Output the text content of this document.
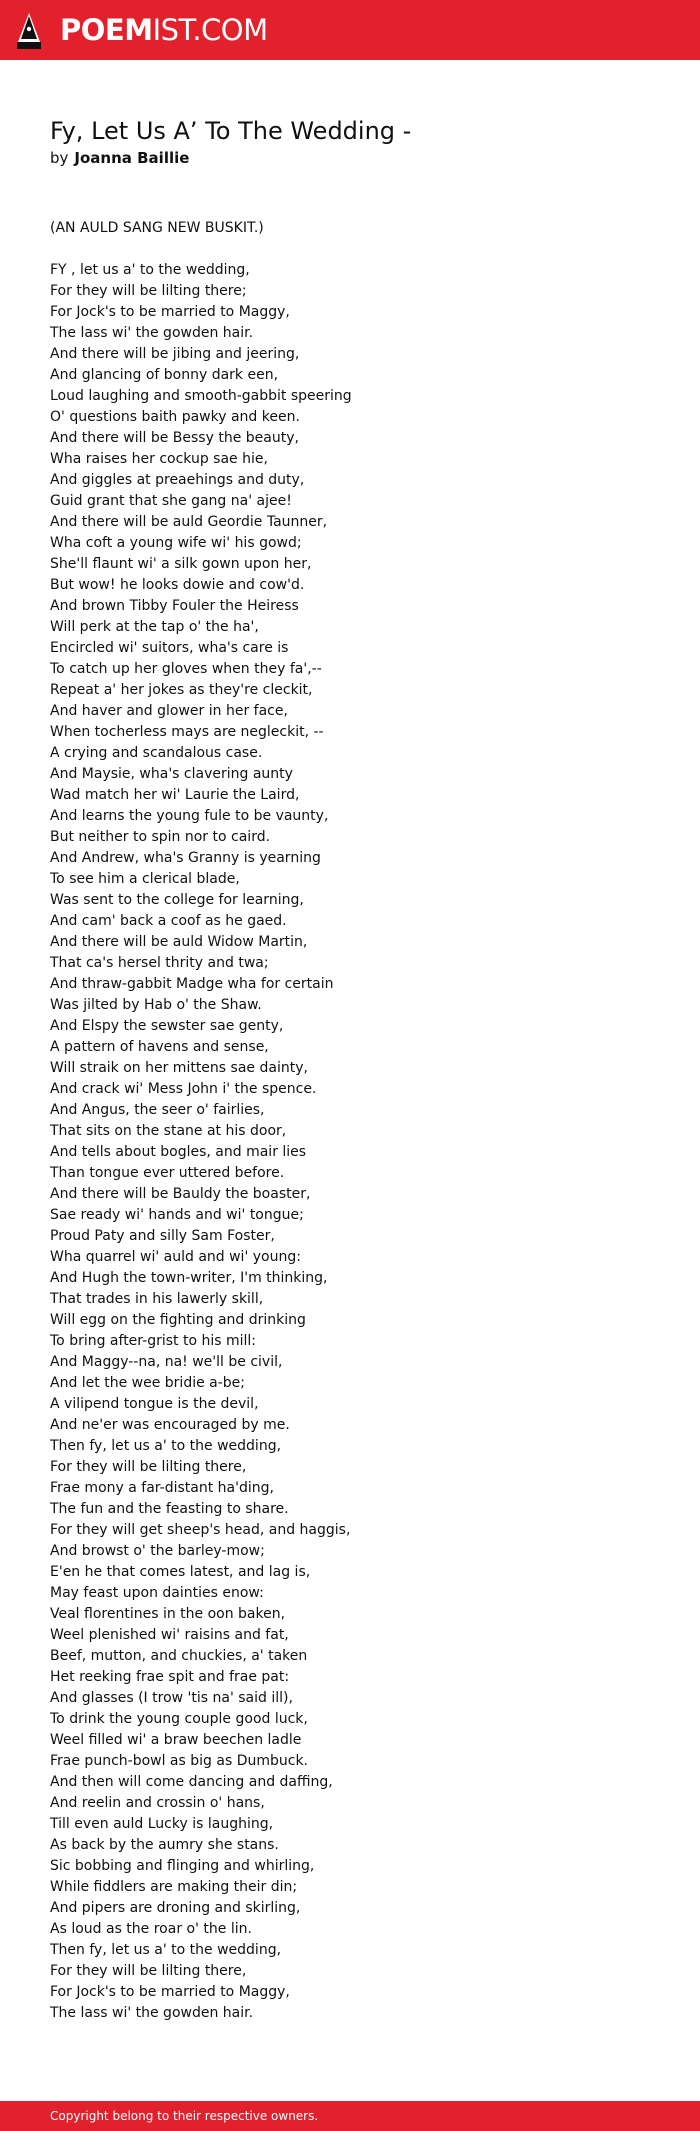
POEMIST.COM
Fy, Let Us A’ To The Wedding -
by Joanna Baillie
(AN AULD SANG NEW BUSKIT.)
FY , let us a' to the wedding,
For they will be lilting there;
For Jock's to be married to Maggy,
The lass wi' the gowden hair.
And there will be jibing and jeering,
And glancing of bonny dark een,
Loud laughing and smooth-gabbit speering
O' questions baith pawky and keen.
And there will be Bessy the beauty,
Wha raises her cockup sae hie,
And giggles at preaehings and duty,
Guid grant that she gang na' ajee!
And there will be auld Geordie Taunner,
Wha coft a young wife wi' his gowd;
She'll flaunt wi' a silk gown upon her,
But wow! he looks dowie and cow'd.
And brown Tibby Fouler the Heiress
Will perk at the tap o' the ha',
Encircled wi' suitors, wha's care is
To catch up her gloves when they fa',--
Repeat a' her jokes as they're cleckit,
And haver and glower in her face,
When tocherless mays are neglecki​t, --
A crying and scandalous case.
And Maysie, wha's clavering aunty
Wad match her wi' Laurie the Laird,
And learns the young fule to be vaunty,
But neither to spin nor to caird.
And Andrew, wha's Granny is yearning
To see him a clerical blade,
Was sent to the college for learning,
And cam' back a coof as he gaed.
And there will be auld Widow Martin,
That ca's hersel thrity and twa;
And thraw-gabbit Madge wha for certain
Was jilted by Hab o' the Shaw.
And Elspy the sewster sae genty,
A pattern of havens and sense,
Will straik on her mittens sae dainty,
And crack wi' Mess John i' the spence.
And Angus, the seer o' fairlies,
That sits on the stane at his door,
And tells about bogles, and mair lies
Than tongue ever uttered before.
And there will be Bauldy the boaster,
Sae ready wi' hands and wi' tongue;
Proud Paty and silly Sam Foster,
Wha quarrel wi' auld and wi' young:
And Hugh the town-writer, I'm thinking,
That trades in his lawerly skill,
Will egg on the fighting and drinking
To bring after-grist to his mill:
And Maggy--na, na! we'll be civil,
And let the wee bridie a-be;
A vilipend tongue is the devil,
And ne'er was encouraged by me.
Then fy, let us a' to the wedding,
For they will be lilting there,
Frae mony a far-distant ha'ding,
The fun and the feasting to share.
For they will get sheep's head, and haggis,
And browst o' the barley-mow;
E'en he that comes latest, and lag is,
May feast upon dainties enow:
Veal florentines in the oon baken,
Weel plenished wi' raisins and fat,
Beef, mutton, and chuckies, a' taken
Het reeking frae spit and frae pat:
And glasses (I trow 'tis na' said ill),
To drink the young couple good luck,
Weel filled wi' a braw beechen ladle
Frae punch-bowl as big as Dumbuck.
And then will come dancing and daffing,
And reelin and crossin o' hans,
Till even auld Lucky is laughing,
As back by the aumry she stans.
Sic bobbing and flinging and whirling,
While fiddlers are making their din;
And pipers are droning and skirling,
As loud as the roar o' the lin.
Then fy, let us a' to the wedding,
For they will be lilting there,
For Jock's to be married to Maggy,
The lass wi' the gowden hair.
Copyright belong to their respective owners.
